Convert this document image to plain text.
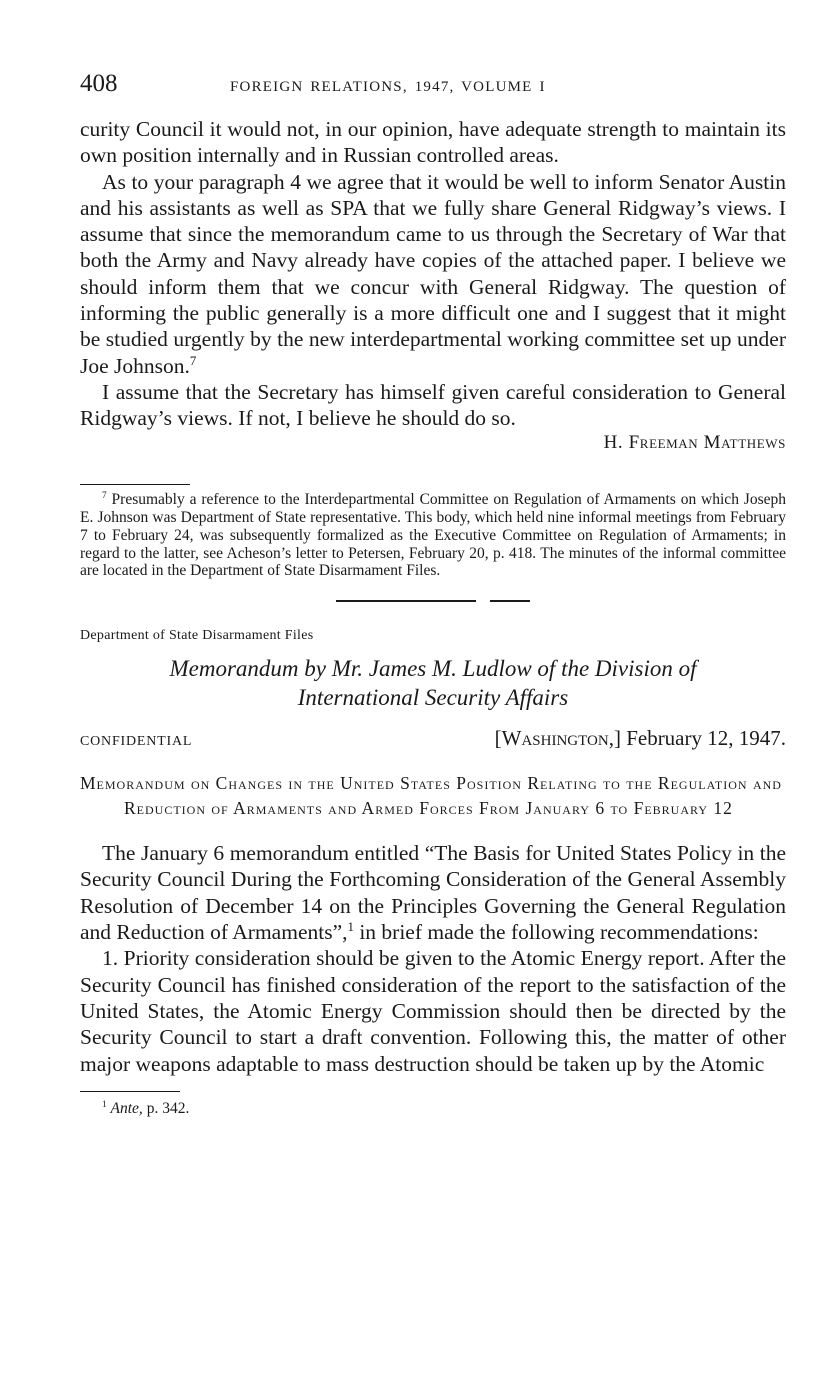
408	FOREIGN RELATIONS, 1947, VOLUME I

curity Council it would not, in our opinion, have adequate strength to maintain its own position internally and in Russian controlled areas.

As to your paragraph 4 we agree that it would be well to inform Senator Austin and his assistants as well as SPA that we fully share General Ridgway’s views. I assume that since the memorandum came to us through the Secretary of War that both the Army and Navy already have copies of the attached paper. I believe we should inform them that we concur with General Ridgway. The question of informing the public generally is a more difficult one and I suggest that it might be studied urgently by the new interdepartmental working committee set up under Joe Johnson.$^7$

I assume that the Secretary has himself given careful consideration to General Ridgway’s views. If not, I believe he should do so.

H. Freeman Matthews

$^7$ Presumably a reference to the Interdepartmental Committee on Regulation of Armaments on which Joseph E. Johnson was Department of State representative. This body, which held nine informal meetings from February 7 to February 24, was subsequently formalized as the Executive Committee on Regulation of Armaments; in regard to the latter, see Acheson’s letter to Petersen, February 20, p. 418. The minutes of the informal committee are located in the Department of State Disarmament Files.

Department of State Disarmament Files

Memorandum by Mr. James M. Ludlow of the Division of
International Security Affairs
CONFIDENTIAL	[Washington,] February 12, 1947.

Memorandum on Changes in the United States Position Relating to the Regulation and Reduction of Armaments and Armed Forces From January 6 to February 12

The January 6 memorandum entitled “The Basis for United States Policy in the Security Council During the Forthcoming Consideration of the General Assembly Resolution of December 14 on the Principles Governing the General Regulation and Reduction of Armaments”,$^1$ in brief made the following recommendations:

1. Priority consideration should be given to the Atomic Energy report. After the Security Council has finished consideration of the report to the satisfaction of the United States, the Atomic Energy Commission should then be directed by the Security Council to start a draft convention. Following this, the matter of other major weapons adaptable to mass destruction should be taken up by the Atomic

$^1$ Ante, p. 342.
